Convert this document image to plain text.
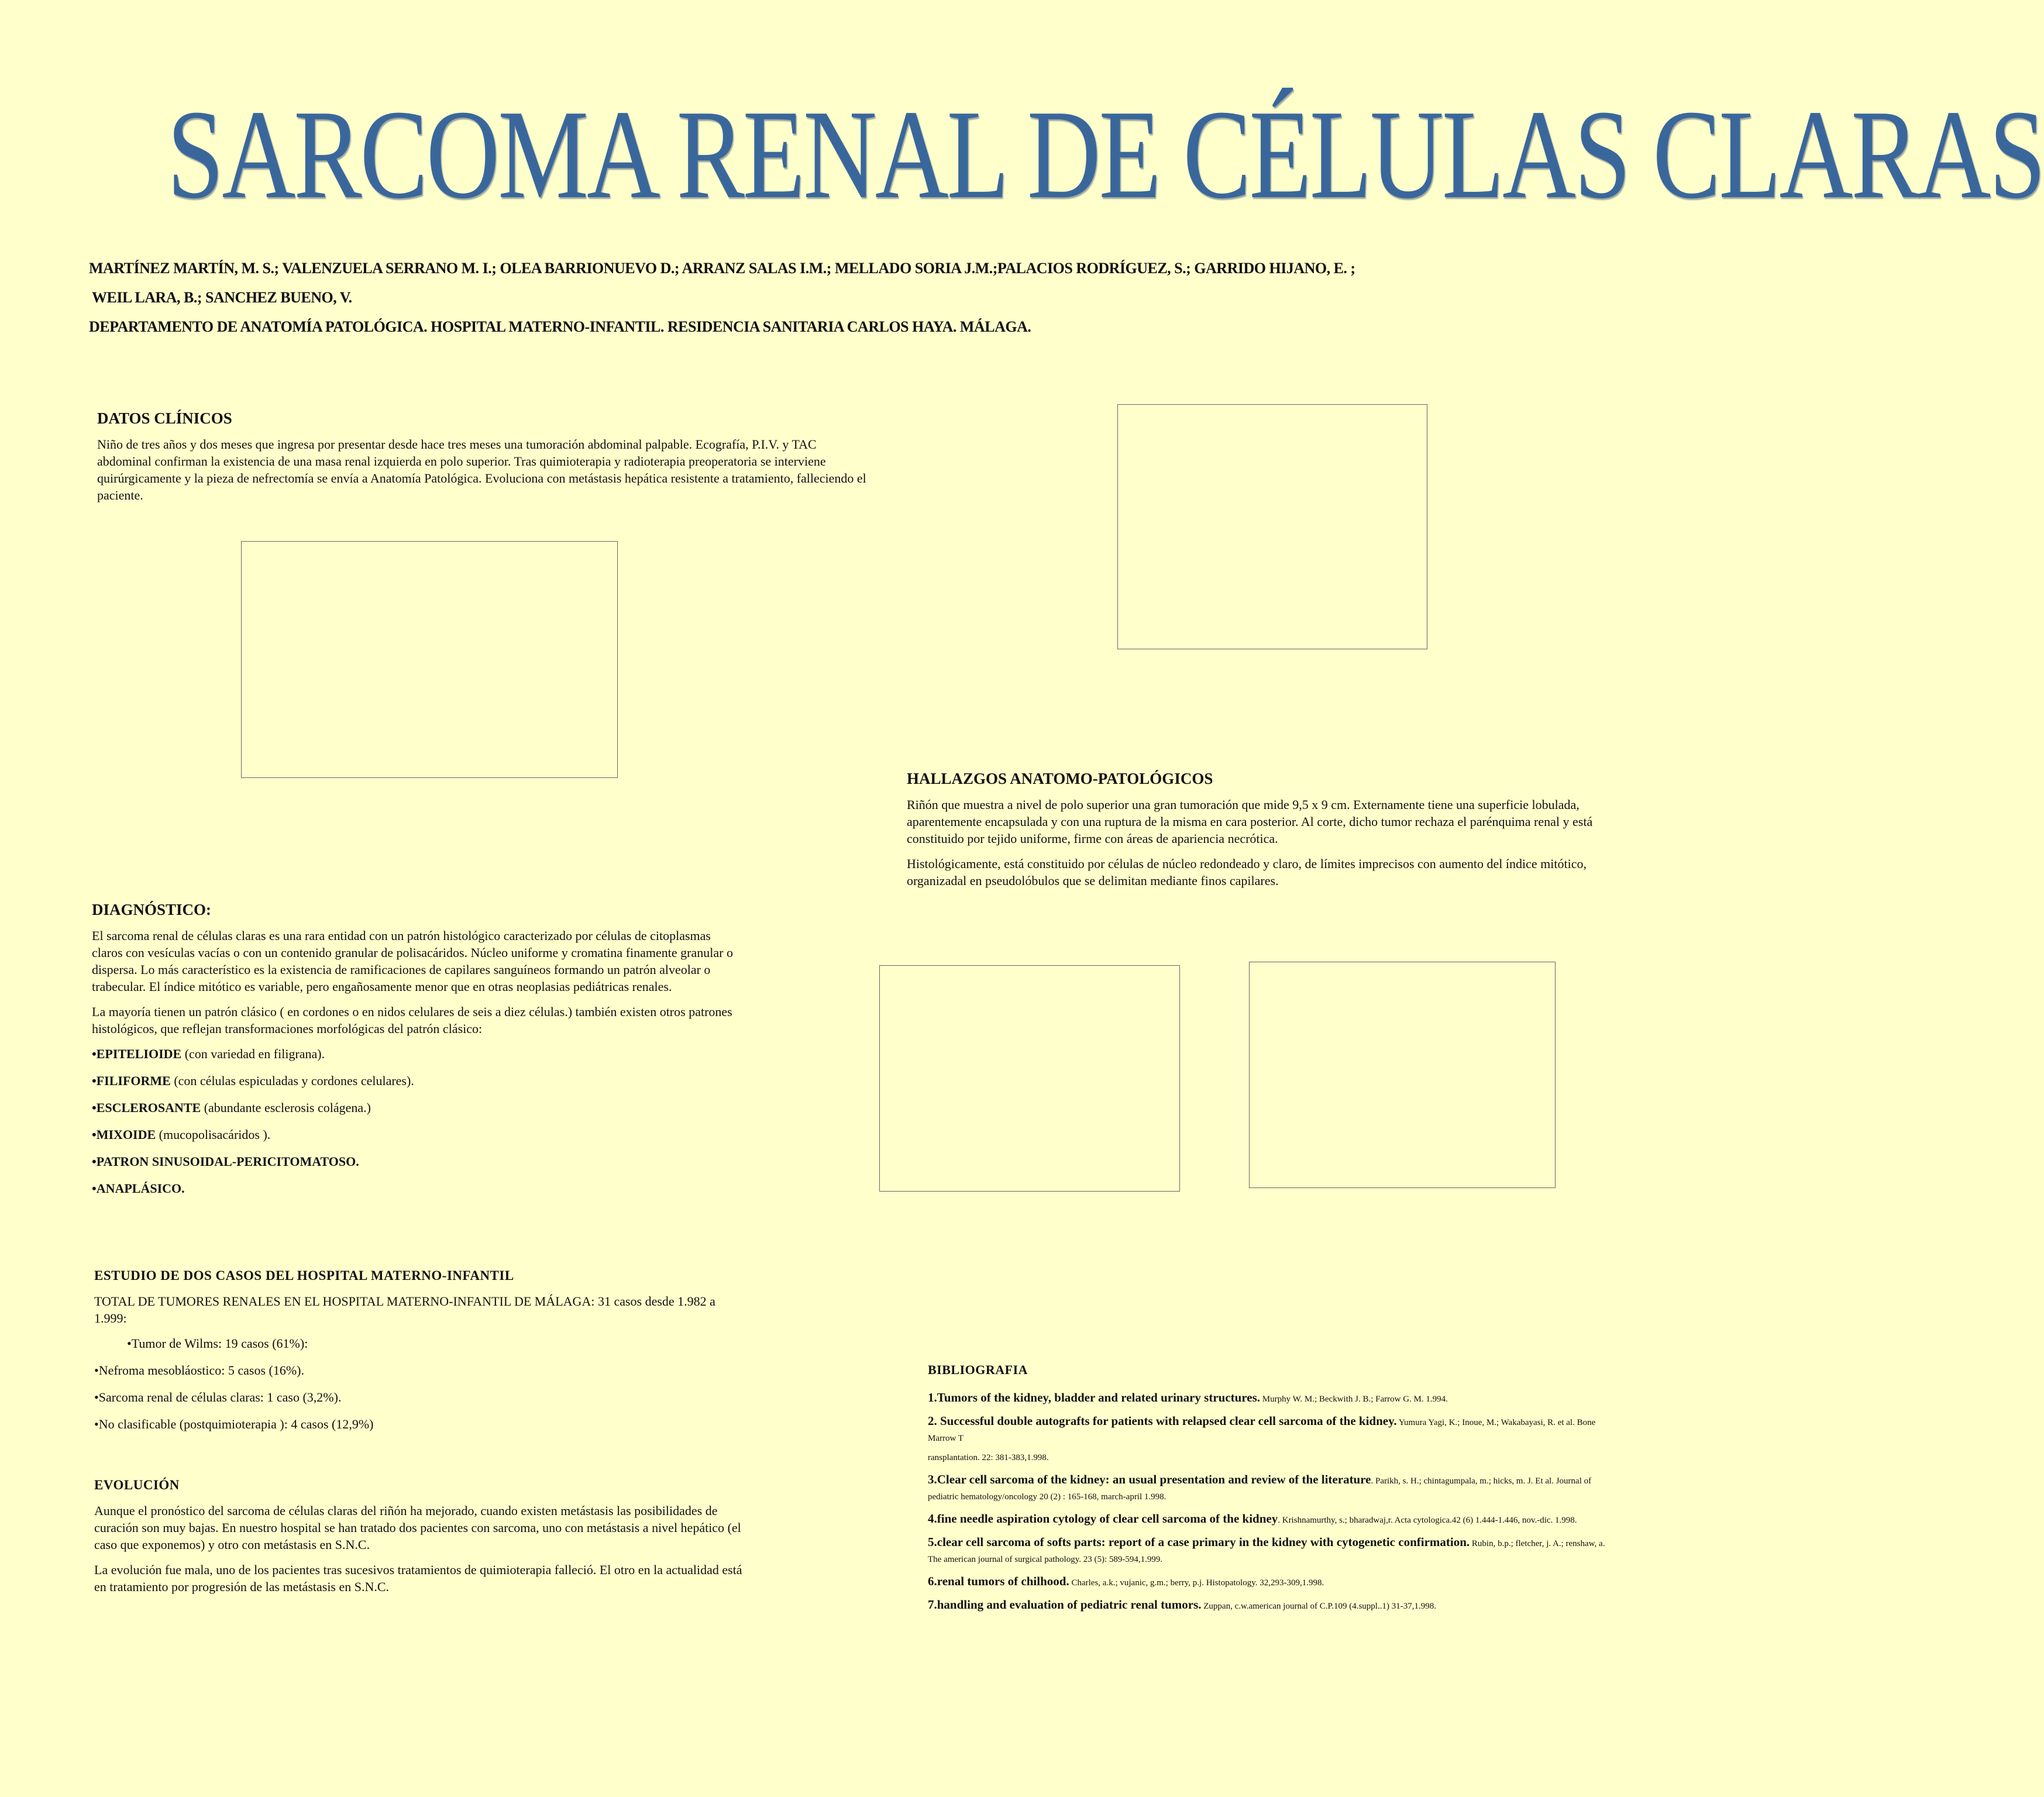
SARCOMA RENAL DE CÉLULAS CLARAS
MARTÍNEZ MARTÍN, M. S.; VALENZUELA SERRANO M. I.; OLEA BARRIONUEVO D.; ARRANZ SALAS I.M.; MELLADO SORIA J.M.;PALACIOS RODRÍGUEZ, S.; GARRIDO HIJANO, E. ;
WEIL LARA, B.; SANCHEZ BUENO, V.
DEPARTAMENTO DE ANATOMÍA PATOLÓGICA. HOSPITAL MATERNO-INFANTIL. RESIDENCIA SANITARIA CARLOS HAYA. MÁLAGA.
DATOS CLÍNICOS

Niño de tres años y dos meses que ingresa por presentar desde hace tres meses una tumoración abdominal palpable. Ecografía, P.I.V. y TAC abdominal confirman la existencia de una masa renal izquierda en polo superior. Tras quimioterapia y radioterapia preoperatoria se interviene quirúrgicamente y la pieza de nefrectomía se envía a Anatomía Patológica. Evoluciona con metástasis hepática resistente a tratamiento, falleciendo el paciente.

HALLAZGOS ANATOMO-PATOLÓGICOS

Riñón que muestra a nivel de polo superior una gran tumoración que mide 9,5 x 9 cm. Externamente tiene una superficie lobulada, aparentemente encapsulada y con una ruptura de la misma en cara posterior. Al corte, dicho tumor rechaza el parénquima renal y está constituido por tejido uniforme, firme con áreas de apariencia necrótica.

Histológicamente, está constituido por células de núcleo redondeado y claro, de límites imprecisos con aumento del índice mitótico, organizadal en pseudolóbulos que se delimitan mediante finos capilares.

DIAGNÓSTICO:

El sarcoma renal de células claras es una rara entidad con un patrón histológico caracterizado por células de citoplasmas claros con vesículas vacías o con un contenido granular de polisacáridos. Núcleo uniforme y cromatina finamente granular o dispersa. Lo más característico es la existencia de ramificaciones de capilares sanguíneos formando un patrón alveolar o trabecular. El índice mitótico es variable, pero engañosamente menor que en otras neoplasias pediátricas renales.

La mayoría tienen un patrón clásico ( en cordones o en nidos celulares de seis a diez células.) también existen otros patrones histológicos, que reflejan transformaciones morfológicas del patrón clásico:

•EPITELIOIDE (con variedad en filigrana).

•FILIFORME (con células espiculadas y cordones celulares).

•ESCLEROSANTE (abundante esclerosis colágena.)

•MIXOIDE (mucopolisacáridos ).

•PATRON SINUSOIDAL-PERICITOMATOSO.

•ANAPLÁSICO.

ESTUDIO DE DOS CASOS DEL HOSPITAL MATERNO-INFANTIL

TOTAL DE TUMORES RENALES EN EL HOSPITAL MATERNO-INFANTIL DE MÁLAGA: 31 casos desde 1.982 a 1.999:

•Tumor de Wilms: 19 casos (61%):

•Nefroma mesobláostico: 5 casos (16%).

•Sarcoma renal de células claras: 1 caso (3,2%).

•No clasificable (postquimioterapia ): 4 casos (12,9%)

EVOLUCIÓN

Aunque el pronóstico del sarcoma de células claras del riñón ha mejorado, cuando existen metástasis las posibilidades de curación son muy bajas. En nuestro hospital se han tratado dos pacientes con sarcoma, uno con metástasis a nivel hepático (el caso que exponemos) y otro con metástasis en S.N.C.

La evolución fue mala, uno de los pacientes tras sucesivos tratamientos de quimioterapia falleció. El otro en la actualidad está en tratamiento por progresión de las metástasis en S.N.C.

BIBLIOGRAFIA

1.Tumors of the kidney, bladder and related urinary structures. Murphy W. M.; Beckwith J. B.; Farrow G. M. 1.994.

2. Successful double autografts for patients with relapsed clear cell sarcoma of the kidney. Yumura Yagi, K.; Inoue, M.; Wakabayasi, R. et al. Bone Marrow T

ransplantation. 22: 381-383,1.998.

3.Clear cell sarcoma of the kidney: an usual presentation and review of the literature. Parikh, s. H.; chintagumpala, m.; hicks, m. J. Et al. Journal of pediatric hematology/oncology 20 (2) : 165-168, march-april 1.998.

4.fine needle aspiration cytology of clear cell sarcoma of the kidney. Krishnamurthy, s.; bharadwaj,r. Acta cytologica.42 (6) 1.444-1.446, nov.-dic. 1.998.

5.clear cell sarcoma of softs parts: report of a case primary in the kidney with cytogenetic confirmation. Rubin, b.p.; fletcher, j. A.; renshaw, a. The american journal of surgical pathology. 23 (5): 589-594,1.999.

6.renal tumors of chilhood. Charles, a.k.; vujanic, g.m.; berry, p.j. Histopatology. 32,293-309,1.998.

7.handling and evaluation of pediatric renal tumors. Zuppan, c.w.american journal of C.P.109 (4.suppl..1) 31-37,1.998.
